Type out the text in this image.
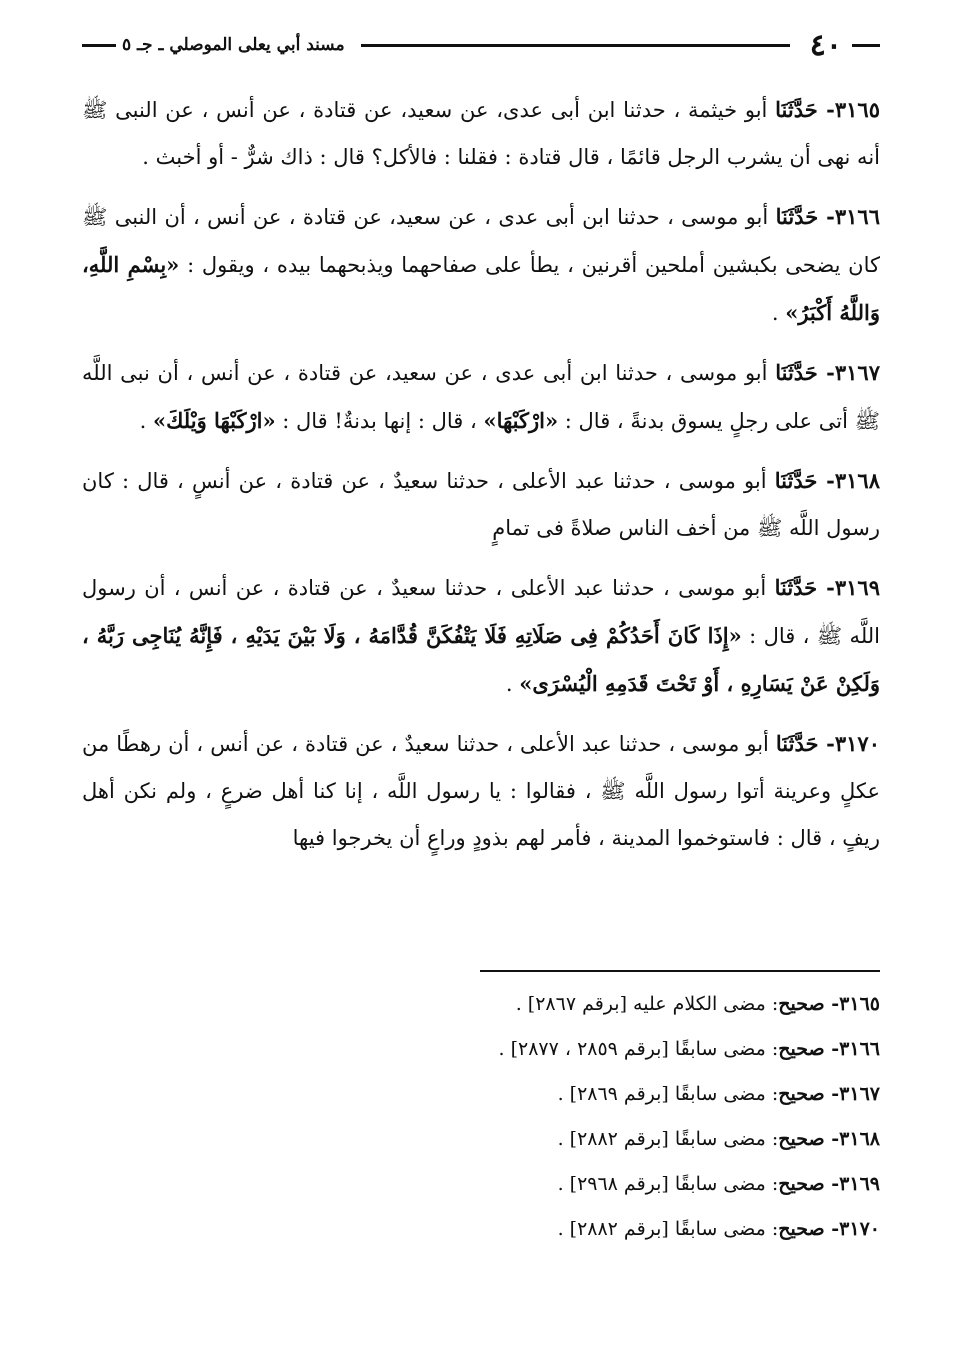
٤٠
مسند أبي يعلى الموصلي ـ جـ ٥

٣١٦٥- حَدَّثَنَا أبو خيثمة ، حدثنا ابن أبى عدى، عن سعيد، عن قتادة ، عن أنس ، عن النبى ﷺ أنه نهى أن يشرب الرجل قائمًا ، قال قتادة : فقلنا : فالأكل؟ قال : ذاك شرٌّ - أو أخبث .

٣١٦٦- حَدَّثَنَا أبو موسى ، حدثنا ابن أبى عدى ، عن سعيد، عن قتادة ، عن أنس ، أن النبى ﷺ كان يضحى بكبشين أملحين أقرنين ، يطأ على صفاحهما ويذبحهما بيده ، ويقول : «بِسْمِ اللَّهِ، وَاللَّهُ أَكْبَرُ» .

٣١٦٧- حَدَّثَنَا أبو موسى ، حدثنا ابن أبى عدى ، عن سعيد، عن قتادة ، عن أنس ، أن نبى اللَّه ﷺ أتى على رجلٍ يسوق بدنةً ، قال : «ارْكَبْهَا» ، قال : إنها بدنةٌ! قال : «ارْكَبْهَا وَيْلَكَ» .

٣١٦٨- حَدَّثَنَا أبو موسى ، حدثنا عبد الأعلى ، حدثنا سعيدٌ ، عن قتادة ، عن أنسٍ ، قال : كان رسول اللَّه ﷺ من أخف الناس صلاةً فى تمامٍ

٣١٦٩- حَدَّثَنَا أبو موسى ، حدثنا عبد الأعلى ، حدثنا سعيدٌ ، عن قتادة ، عن أنس ، أن رسول اللَّه ﷺ ، قال : «إِذَا كَانَ أَحَدُكُمْ فِى صَلَاتِهِ فَلَا يَتْفُكَنَّ قُدَّامَهُ ، وَلَا بَيْنَ يَدَيْهِ ، فَإِنَّهُ يُنَاجِى رَبَّهُ ، وَلَكِنْ عَنْ يَسَارِهِ ، أَوْ تَحْتَ قَدَمِهِ الْيُسْرَى» .

٣١٧٠- حَدَّثَنَا أبو موسى ، حدثنا عبد الأعلى ، حدثنا سعيدٌ ، عن قتادة ، عن أنس ، أن رهطًا من عكلٍ وعرينة أتوا رسول اللَّه ﷺ ، فقالوا : يا رسول اللَّه ، إنا كنا أهل ضرعٍ ، ولم نكن أهل ريفٍ ، قال : فاستوخموا المدينة ، فأمر لهم بذودٍ وراعٍ أن يخرجوا فيها

٣١٦٥- صحيح: مضى الكلام عليه [برقم ٢٨٦٧] .

٣١٦٦- صحيح: مضى سابقًا [برقم ٢٨٥٩ ، ٢٨٧٧] .

٣١٦٧- صحيح: مضى سابقًا [برقم ٢٨٦٩] .

٣١٦٨- صحيح: مضى سابقًا [برقم ٢٨٨٢] .

٣١٦٩- صحيح: مضى سابقًا [برقم ٢٩٦٨] .

٣١٧٠- صحيح: مضى سابقًا [برقم ٢٨٨٢] .
